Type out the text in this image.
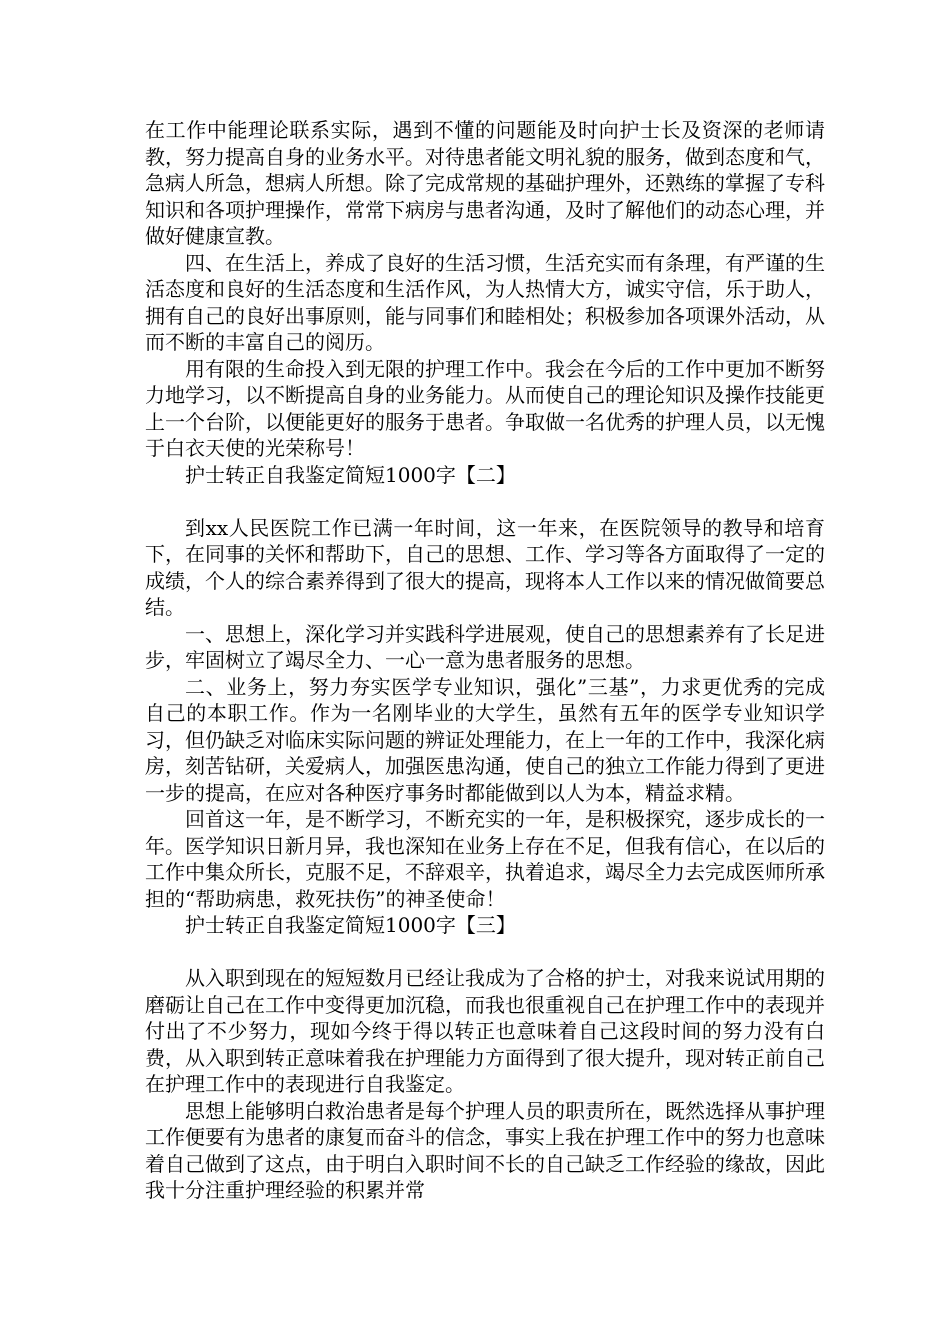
在工作中能理论联系实际，遇到不懂的问题能及时向护士长及资深的老师请教，努力提高自身的业务水平。对待患者能文明礼貌的服务，做到态度和气，急病人所急，想病人所想。除了完成常规的基础护理外，还熟练的掌握了专科知识和各项护理操作，常常下病房与患者沟通，及时了解他们的动态心理，并做好健康宣教。

四、在生活上，养成了良好的生活习惯，生活充实而有条理，有严谨的生活态度和良好的生活态度和生活作风，为人热情大方，诚实守信，乐于助人，拥有自己的良好出事原则，能与同事们和睦相处；积极参加各项课外活动，从而不断的丰富自己的阅历。

用有限的生命投入到无限的护理工作中。我会在今后的工作中更加不断努力地学习，以不断提高自身的业务能力。从而使自己的理论知识及操作技能更上一个台阶，以便能更好的服务于患者。争取做一名优秀的护理人员，以无愧于白衣天使的光荣称号！

护士转正自我鉴定简短1000字【二】

到xx人民医院工作已满一年时间，这一年来，在医院领导的教导和培育下，在同事的关怀和帮助下，自己的思想、工作、学习等各方面取得了一定的成绩，个人的综合素养得到了很大的提高，现将本人工作以来的情况做简要总结。

一、思想上，深化学习并实践科学进展观，使自己的思想素养有了长足进步，牢固树立了竭尽全力、一心一意为患者服务的思想。

二、业务上，努力夯实医学专业知识，强化”三基”，力求更优秀的完成自己的本职工作。作为一名刚毕业的大学生，虽然有五年的医学专业知识学习，但仍缺乏对临床实际问题的辨证处理能力，在上一年的工作中，我深化病房，刻苦钻研，关爱病人，加强医患沟通，使自己的独立工作能力得到了更进一步的提高，在应对各种医疗事务时都能做到以人为本，精益求精。

回首这一年，是不断学习，不断充实的一年，是积极探究，逐步成长的一年。医学知识日新月异，我也深知在业务上存在不足，但我有信心，在以后的工作中集众所长，克服不足，不辞艰辛，执着追求，竭尽全力去完成医师所承担的“帮助病患，救死扶伤”的神圣使命！

护士转正自我鉴定简短1000字【三】

从入职到现在的短短数月已经让我成为了合格的护士，对我来说试用期的磨砺让自己在工作中变得更加沉稳，而我也很重视自己在护理工作中的表现并付出了不少努力，现如今终于得以转正也意味着自己这段时间的努力没有白费，从入职到转正意味着我在护理能力方面得到了很大提升，现对转正前自己在护理工作中的表现进行自我鉴定。

思想上能够明白救治患者是每个护理人员的职责所在，既然选择从事护理工作便要有为患者的康复而奋斗的信念，事实上我在护理工作中的努力也意味着自己做到了这点，由于明白入职时间不长的自己缺乏工作经验的缘故，因此我十分注重护理经验的积累并常
